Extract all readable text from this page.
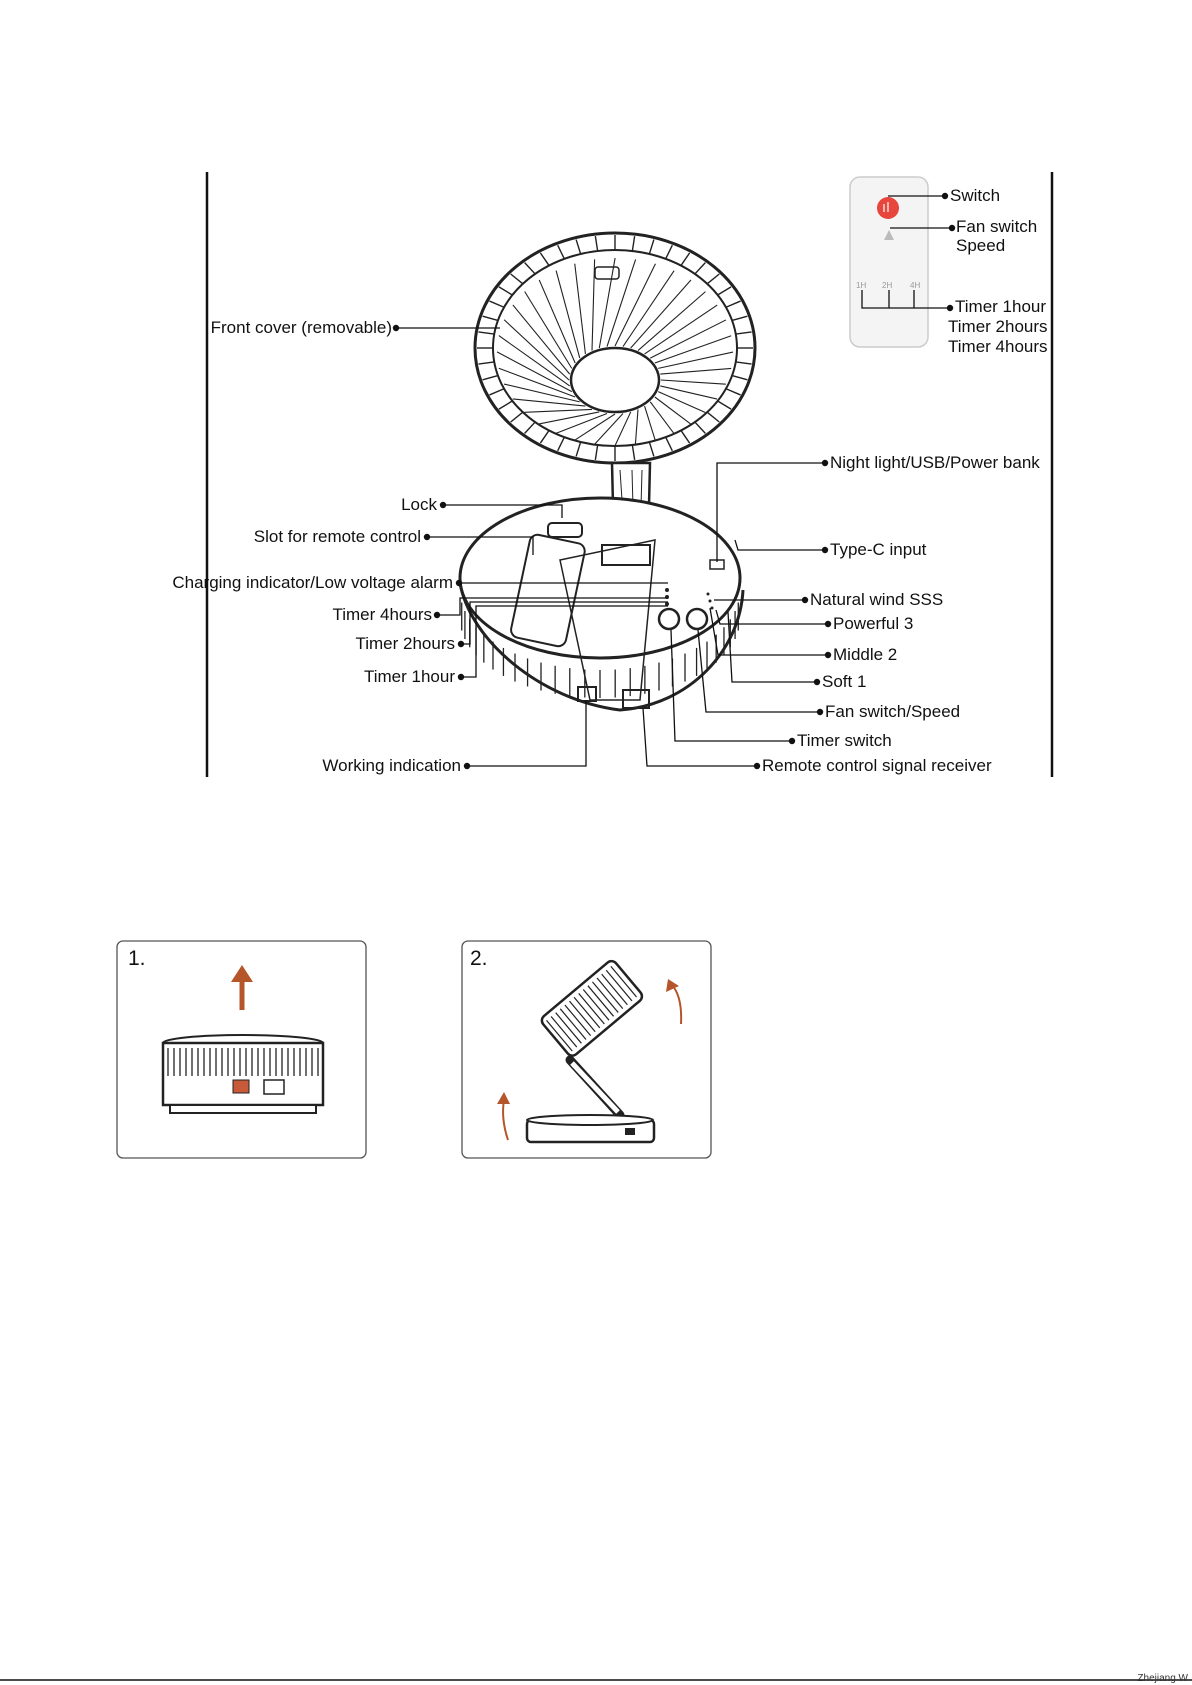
1H 2H 4H
Switch
Fan switch
Speed
Timer 1hour
Timer 2hours
Timer 4hours
Front cover (removable)
Lock
Slot for remote control
Charging indicator/Low voltage alarm
Timer 4hours
Timer 2hours
Timer 1hour
Working indication
Night light/USB/Power bank
Type-C input
Natural wind SSS
Powerful 3
Middle 2
Soft 1
Fan switch/Speed
Timer switch
Remote control signal receiver
1.	2.
Zhejiang W
